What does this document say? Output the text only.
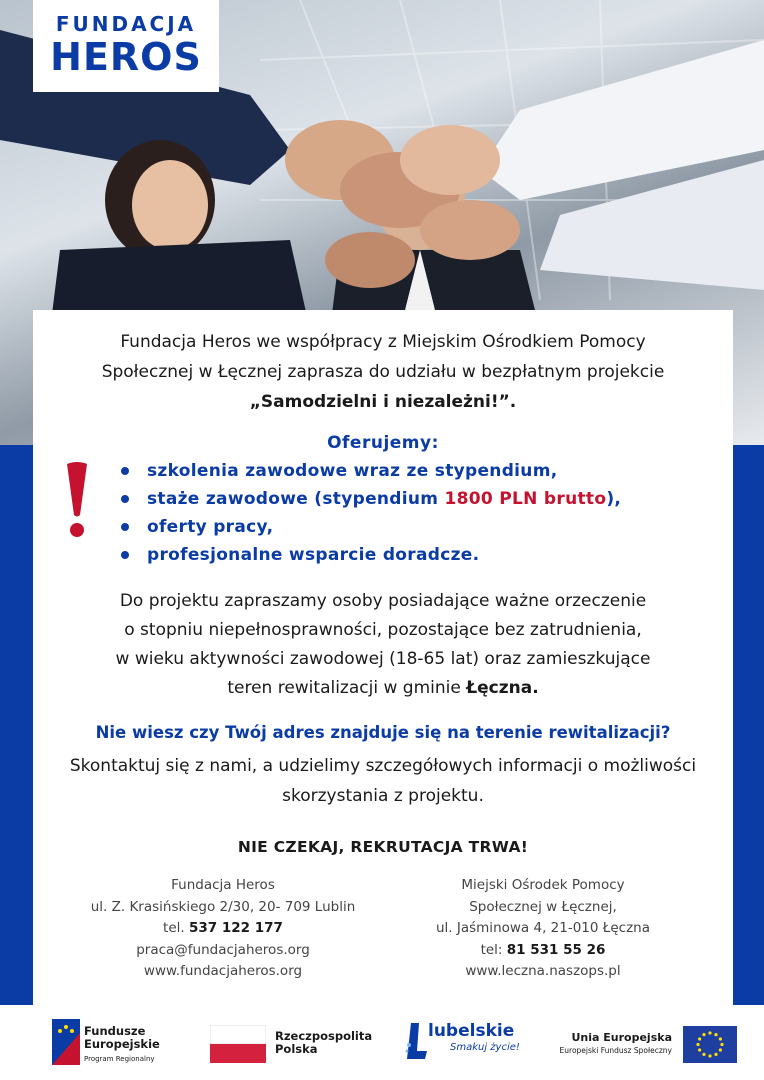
FUNDACJA
HEROS
Fundacja Heros we współpracy z Miejskim Ośrodkiem Pomocy
Społecznej w Łęcznej zaprasza do udziału w bezpłatnym projekcie
„Samodzielni i niezależni!”.
Oferujemy:
szkolenia zawodowe wraz ze stypendium,
staże zawodowe (stypendium 1800 PLN brutto),
oferty pracy,
profesjonalne wsparcie doradcze.
Do projektu zapraszamy osoby posiadające ważne orzeczenie
o stopniu niepełnosprawności, pozostające bez zatrudnienia,
w wieku aktywności zawodowej (18-65 lat) oraz zamieszkujące
teren rewitalizacji w gminie Łęczna.
Nie wiesz czy Twój adres znajduje się na terenie rewitalizacji?
Skontaktuj się z nami, a udzielimy szczegółowych informacji o możliwości
skorzystania z projektu.
NIE CZEKAJ, REKRUTACJA TRWA!
Fundacja Heros
ul. Z. Krasińskiego 2/30, 20- 709 Lublin
tel. 537 122 177
praca@fundacjaheros.org
www.fundacjaheros.org
Miejski Ośrodek Pomocy
Społecznej w Łęcznej,
ul. Jaśminowa 4, 21-010 Łęczna
tel: 81 531 55 26
www.leczna.naszops.pl
Fundusze
Europejskie
Program Regionalny
Rzeczpospolita
Polska
lubelskie
Smakuj życie!
Unia Europejska
Europejski Fundusz Społeczny
